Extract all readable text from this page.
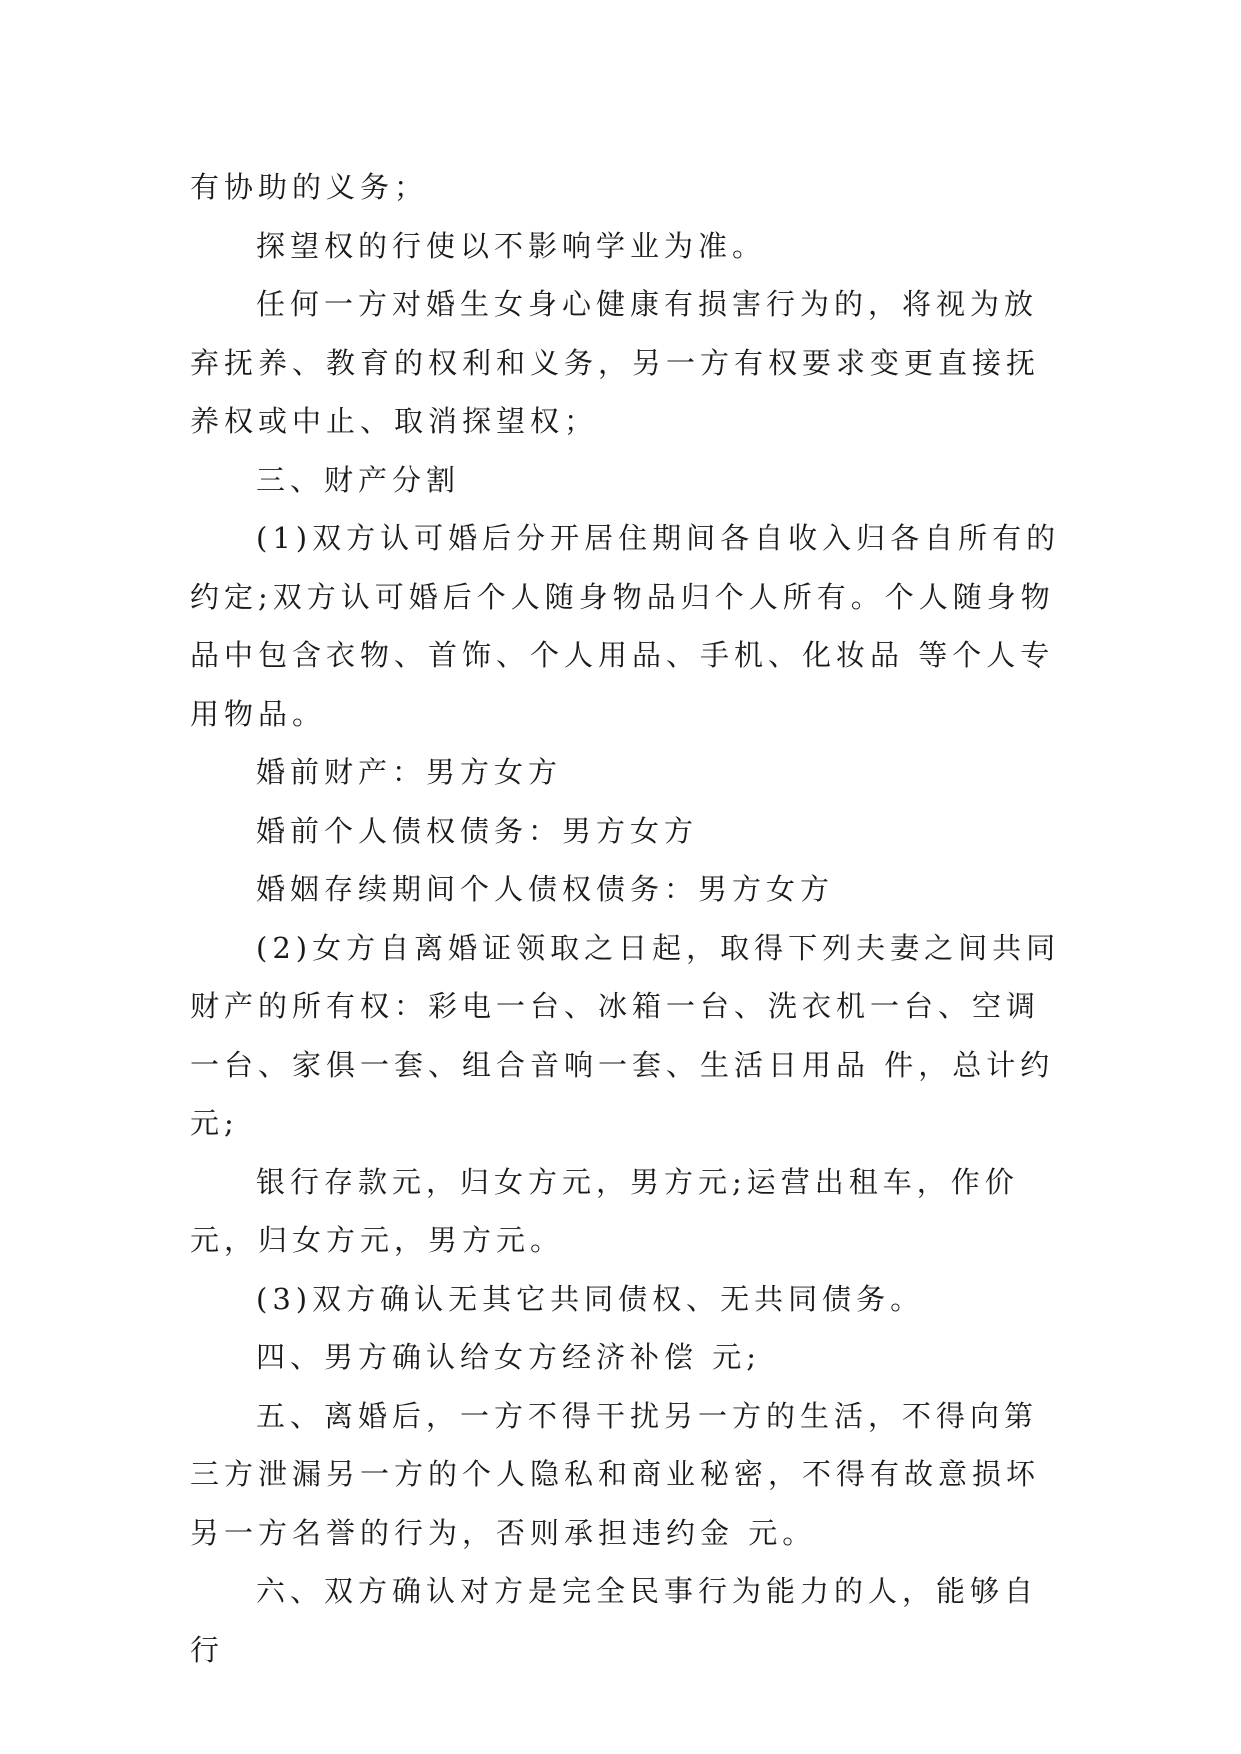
有协助的义务；

探望权的行使以不影响学业为准。

任何一方对婚生女身心健康有损害行为的，将视为放弃抚养、教育的权利和义务，另一方有权要求变更直接抚养权或中止、取消探望权；

三、财产分割

(1)双方认可婚后分开居住期间各自收入归各自所有的约定;双方认可婚后个人随身物品归个人所有。个人随身物品中包含衣物、首饰、个人用品、手机、化妆品 等个人专用物品。

婚前财产：男方女方

婚前个人债权债务：男方女方

婚姻存续期间个人债权债务：男方女方

(2)女方自离婚证领取之日起，取得下列夫妻之间共同财产的所有权：彩电一台、冰箱一台、洗衣机一台、空调一台、家俱一套、组合音响一套、生活日用品 件，总计约 元;

银行存款元，归女方元，男方元;运营出租车，作价元，归女方元，男方元。

(3)双方确认无其它共同债权、无共同债务。

四、男方确认给女方经济补偿 元;

五、离婚后，一方不得干扰另一方的生活，不得向第三方泄漏另一方的个人隐私和商业秘密，不得有故意损坏另一方名誉的行为，否则承担违约金 元。

六、双方确认对方是完全民事行为能力的人，能够自行
